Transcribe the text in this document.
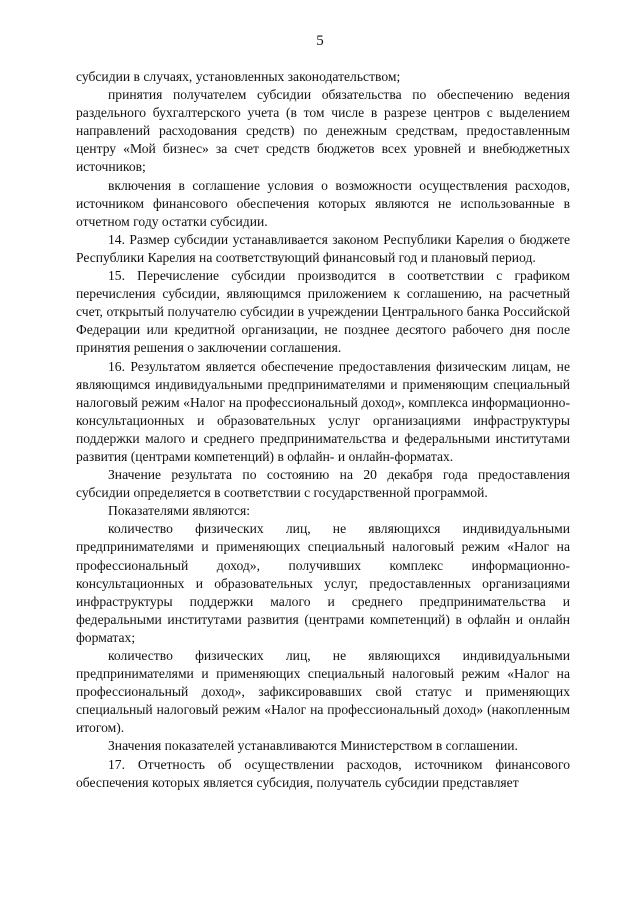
5

субсидии в случаях, установленных законодательством;

принятия получателем субсидии обязательства по обеспечению ведения раздельного бухгалтерского учета (в том числе в разрезе центров с выделением направлений расходования средств) по денежным средствам, предоставленным центру «Мой бизнес» за счет средств бюджетов всех уровней и внебюджетных источников;

включения в соглашение условия о возможности осуществления расходов, источником финансового обеспечения которых являются не использованные в отчетном году остатки субсидии.

14. Размер субсидии устанавливается законом Республики Карелия о бюджете Республики Карелия на соответствующий финансовый год и плановый период.

15. Перечисление субсидии производится в соответствии с графиком перечисления субсидии, являющимся приложением к соглашению, на расчетный счет, открытый получателю субсидии в учреждении Центрального банка Российской Федерации или кредитной организации, не позднее десятого рабочего дня после принятия решения о заключении соглашения.

16. Результатом является обеспечение предоставления физическим лицам, не являющимся индивидуальными предпринимателями и применяющим специальный налоговый режим «Налог на профессиональный доход», комплекса информационно-консультационных и образовательных услуг организациями инфраструктуры поддержки малого и среднего предпринимательства и федеральными институтами развития (центрами компетенций) в офлайн- и онлайн-форматах.

Значение результата по состоянию на 20 декабря года предоставления субсидии определяется в соответствии с государственной программой.

Показателями являются:

количество физических лиц, не являющихся индивидуальными предпринимателями и применяющих специальный налоговый режим «Налог на профессиональный доход», получивших комплекс информационно-консультационных и образовательных услуг, предоставленных организациями инфраструктуры поддержки малого и среднего предпринимательства и федеральными институтами развития (центрами компетенций) в офлайн и онлайн форматах;

количество физических лиц, не являющихся индивидуальными предпринимателями и применяющих специальный налоговый режим «Налог на профессиональный доход», зафиксировавших свой статус и применяющих специальный налоговый режим «Налог на профессиональный доход» (накопленным итогом).

Значения показателей устанавливаются Министерством в соглашении.

17. Отчетность об осуществлении расходов, источником финансового обеспечения которых является субсидия, получатель субсидии представляет
